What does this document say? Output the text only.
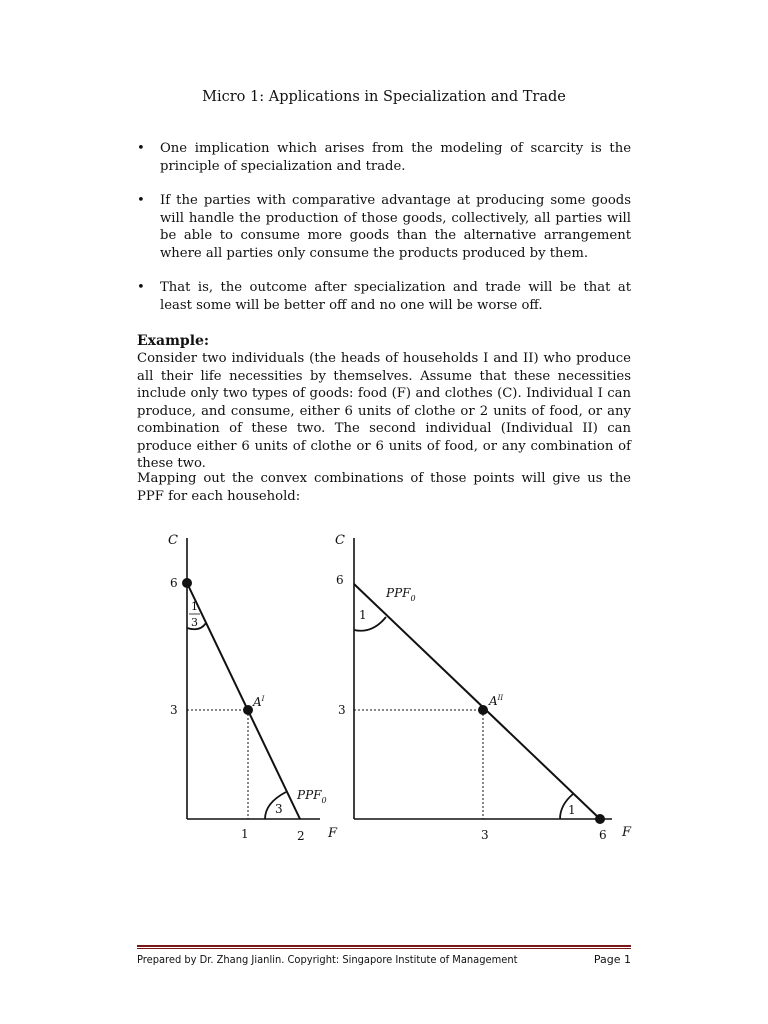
Micro 1: Applications in Specialization and Trade
• One implication which arises from the modeling of scarcity is the principle of specialization and trade.
• If the parties with comparative advantage at producing some goods will handle the production of those goods, collectively, all parties will be able to consume more goods than the alternative arrangement where all parties only consume the products produced by them.
• That is, the outcome after specialization and trade will be that at least some will be better off and no one will be worse off.
Example:

Consider two individuals (the heads of households I and II) who produce all their life necessities by themselves. Assume that these necessities include only two types of goods: food (F) and clothes (C). Individual I can produce, and consume, either 6 units of clothe or 2 units of food, or any combination of these two. The second individual (Individual II) can produce either 6 units of clothe or 6 units of food, or any combination of these two.

Mapping out the convex combinations of those points will give us the PPF for each household:

C
F
6
3
1	2
1
3
3
$A^I$
$PPF_0$
C
F
6
3
3	6
1
1
$A^{II}$
$PPF_0$
Prepared by Dr. Zhang Jianlin. Copyright: Singapore Institute of Management	Page 1
